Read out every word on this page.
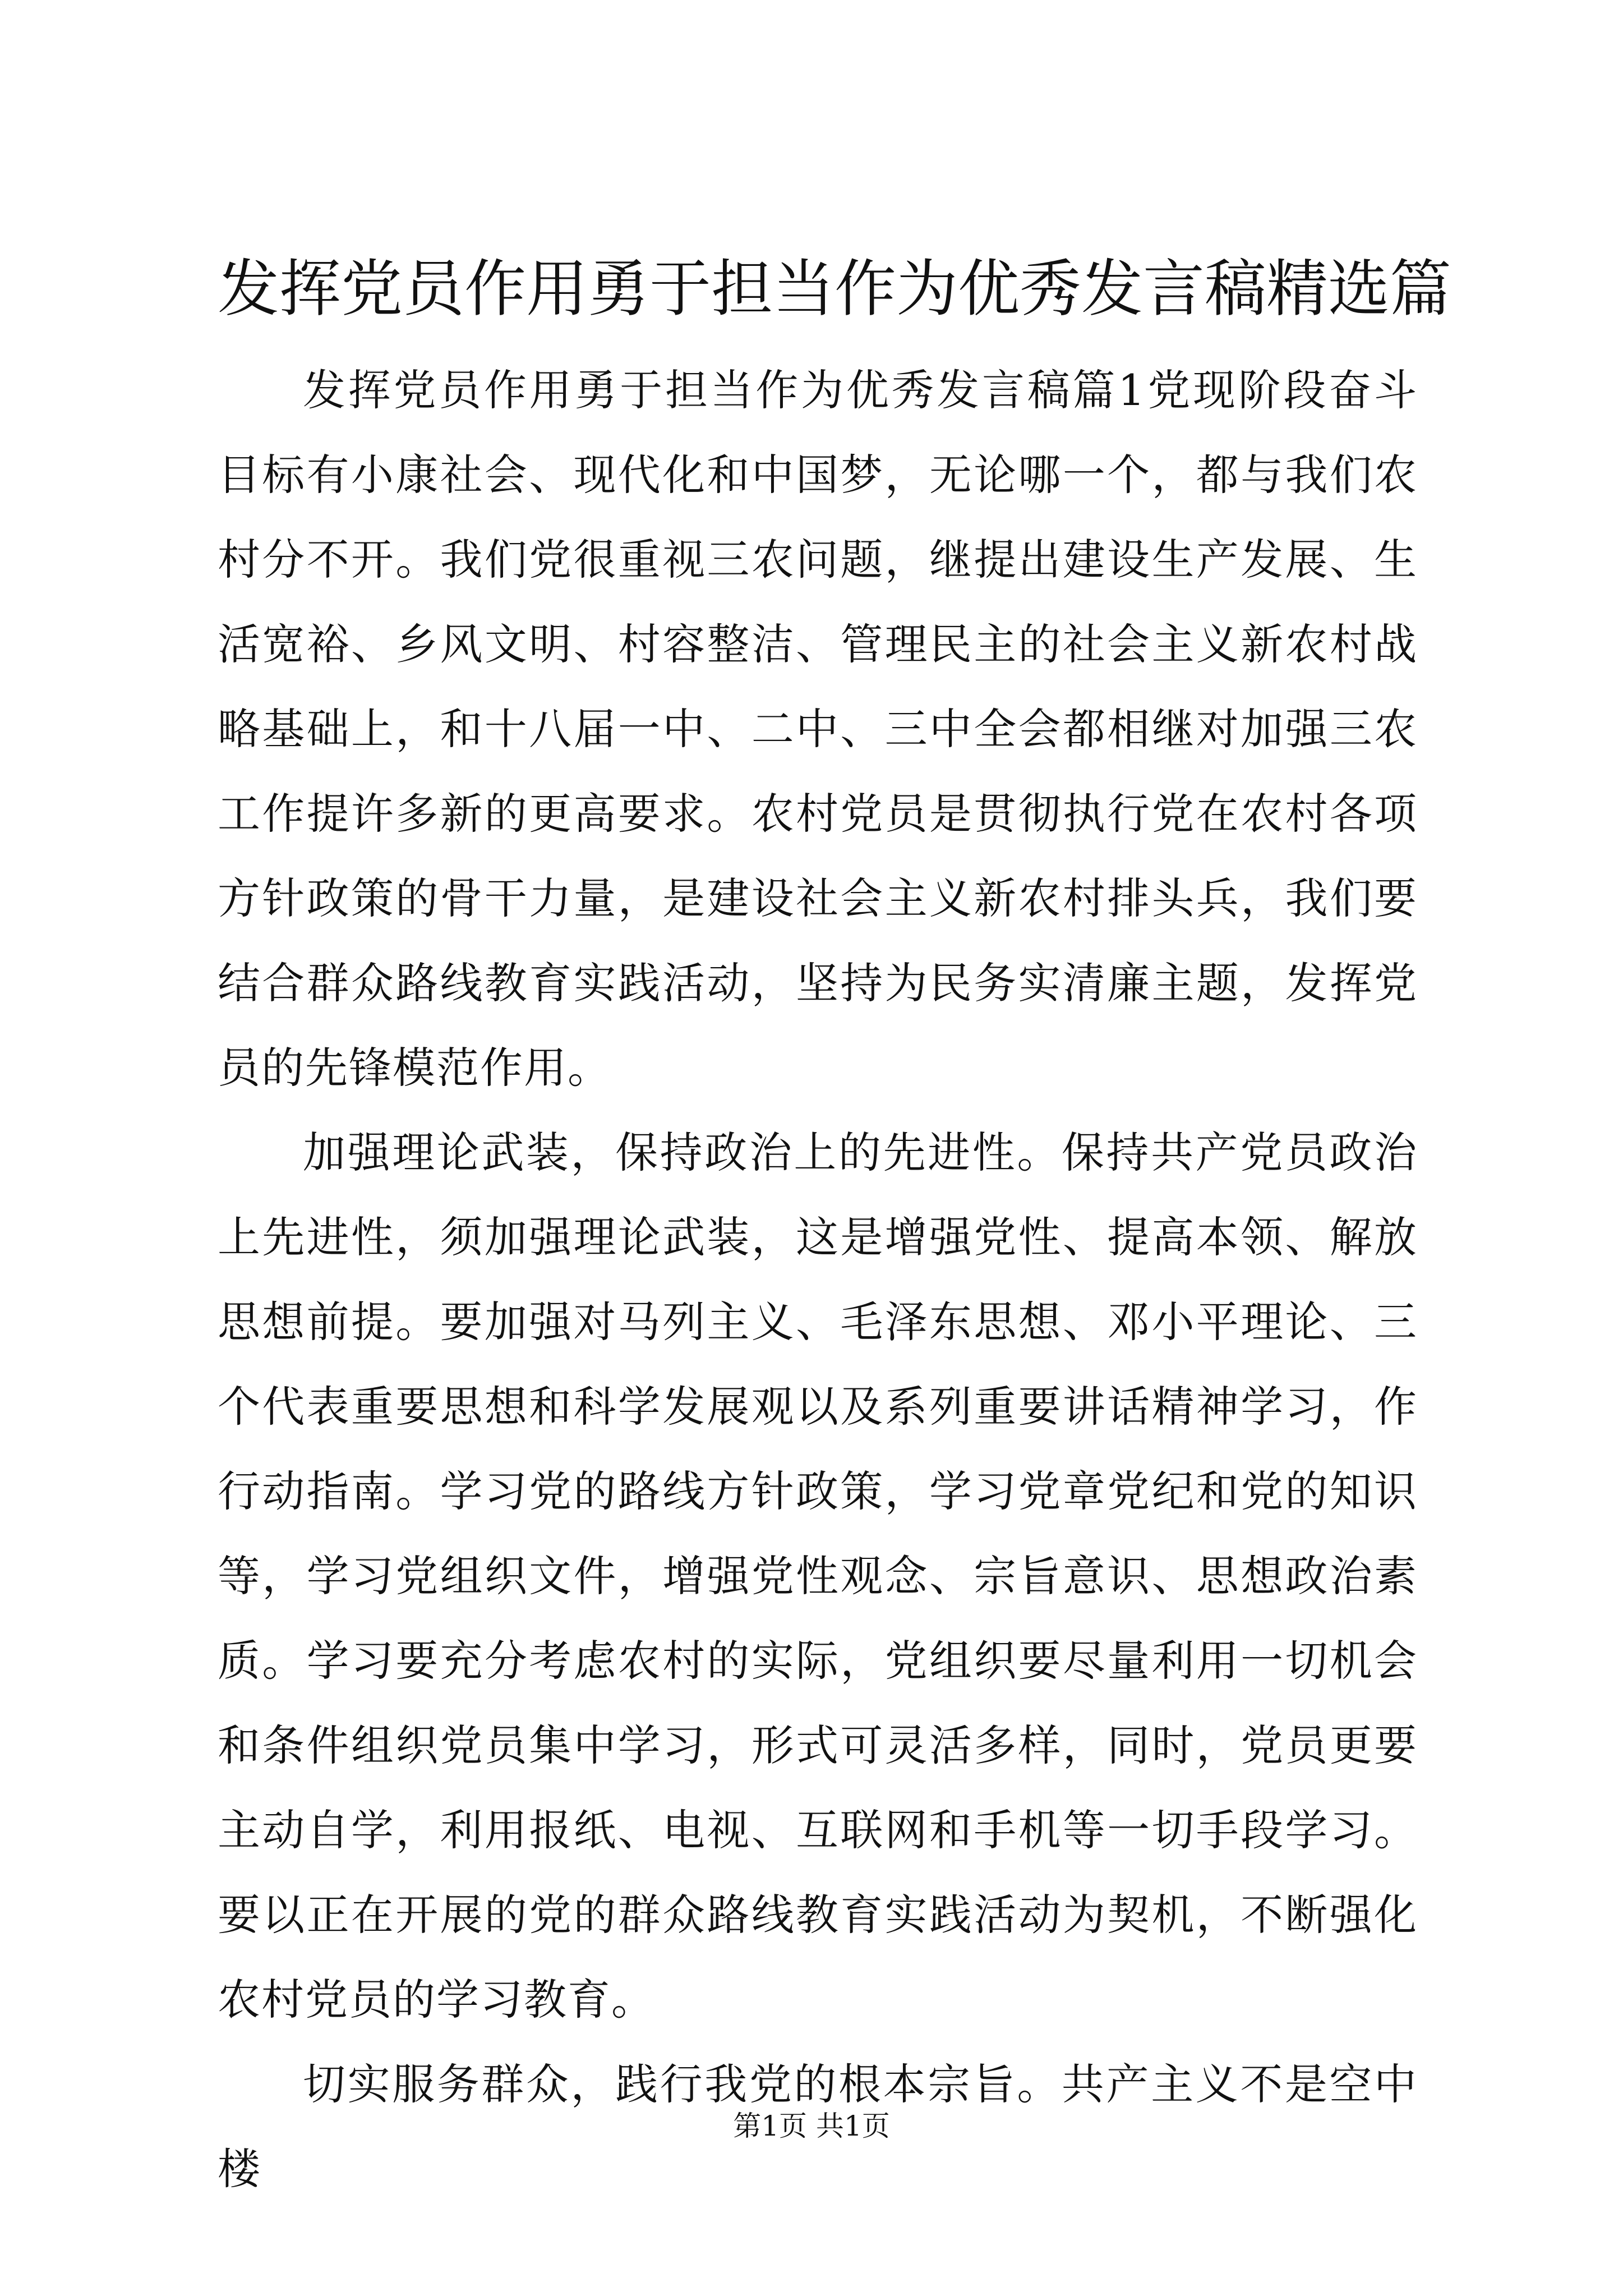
发挥党员作用勇于担当作为优秀发言稿精选篇

发挥党员作用勇于担当作为优秀发言稿篇1党现阶段奋斗目标有小康社会、现代化和中国梦，无论哪一个，都与我们农村分不开。我们党很重视三农问题，继提出建设生产发展、生活宽裕、乡风文明、村容整洁、管理民主的社会主义新农村战略基础上，和十八届一中、二中、三中全会都相继对加强三农工作提许多新的更高要求。农村党员是贯彻执行党在农村各项方针政策的骨干力量，是建设社会主义新农村排头兵，我们要结合群众路线教育实践活动，坚持为民务实清廉主题，发挥党员的先锋模范作用。

加强理论武装，保持政治上的先进性。保持共产党员政治上先进性，须加强理论武装，这是增强党性、提高本领、解放思想前提。要加强对马列主义、毛泽东思想、邓小平理论、三个代表重要思想和科学发展观以及系列重要讲话精神学习，作行动指南。学习党的路线方针政策，学习党章党纪和党的知识等，学习党组织文件，增强党性观念、宗旨意识、思想政治素质。学习要充分考虑农村的实际，党组织要尽量利用一切机会和条件组织党员集中学习，形式可灵活多样，同时，党员更要主动自学，利用报纸、电视、互联网和手机等一切手段学习。要以正在开展的党的群众路线教育实践活动为契机，不断强化农村党员的学习教育。

切实服务群众，践行我党的根本宗旨。共产主义不是空中楼

第1页 共1页
